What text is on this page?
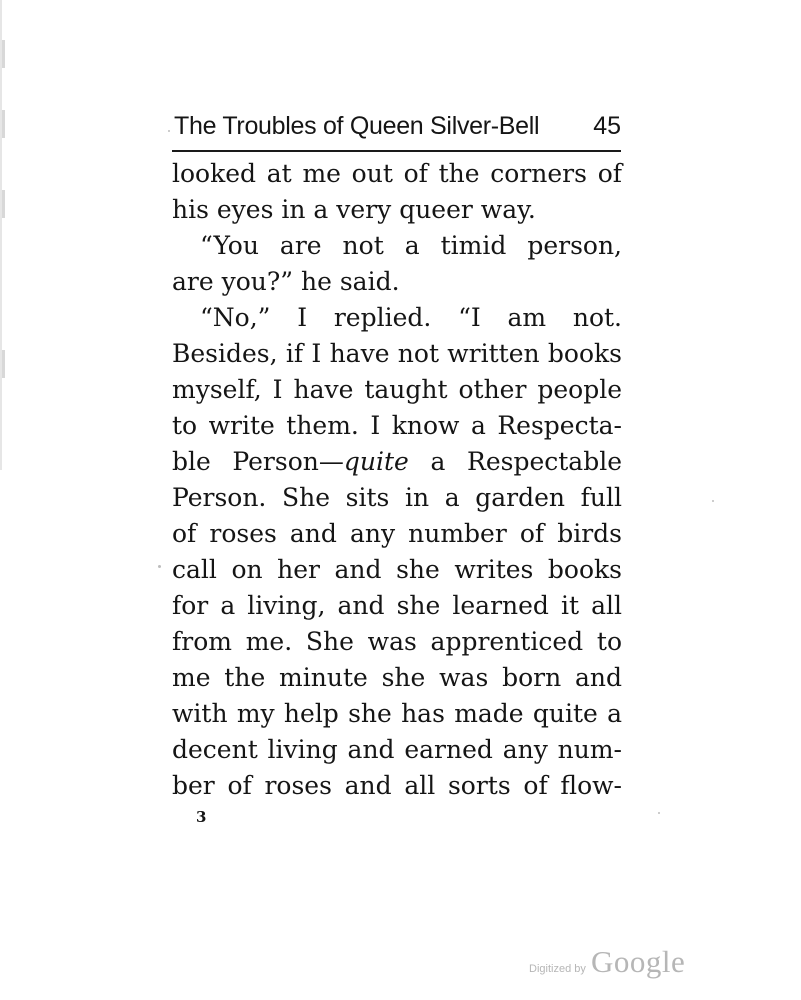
The Troubles of Queen Silver-Bell 45
looked at me out of the corners of
his eyes in a very queer way.
“You are not a timid person,
are you?” he said.
“No,” I replied. “I am not.
Besides, if I have not written books
myself, I have taught other people
to write them. I know a Respecta-
ble Person—quite a Respectable
Person. She sits in a garden full
of roses and any number of birds
call on her and she writes books
for a living, and she learned it all
from me. She was apprenticed to
me the minute she was born and
with my help she has made quite a
decent living and earned any num-
ber of roses and all sorts of flow-
3
Digitized by Google
